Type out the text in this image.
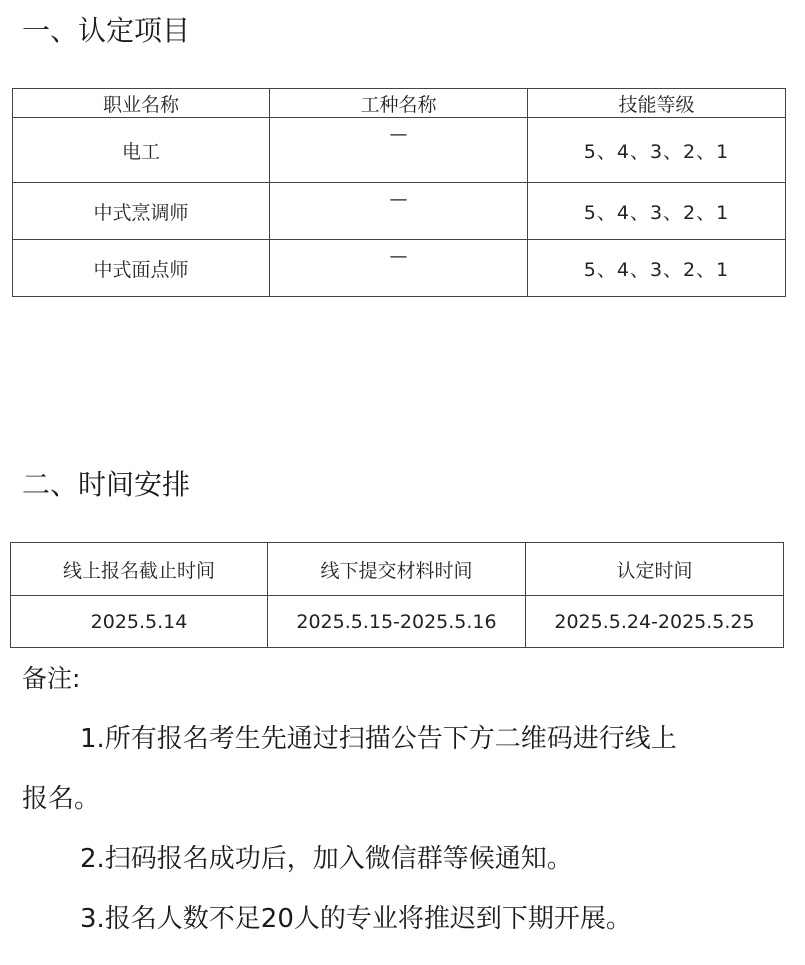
一、认定项目
职业名称	工种名称	技能等级
电工	—	5、4、3、2、1
中式烹调师	—	5、4、3、2、1
中式面点师	—	5、4、3、2、1
二、时间安排
线上报名截止时间	线下提交材料时间	认定时间
2025.5.14	2025.5.15-2025.5.16	2025.5.24-2025.5.25
备注:
1.所有报名考生先通过扫描公告下方二维码进行线上
报名。
2.扫码报名成功后，加入微信群等候通知。
3.报名人数不足20人的专业将推迟到下期开展。
